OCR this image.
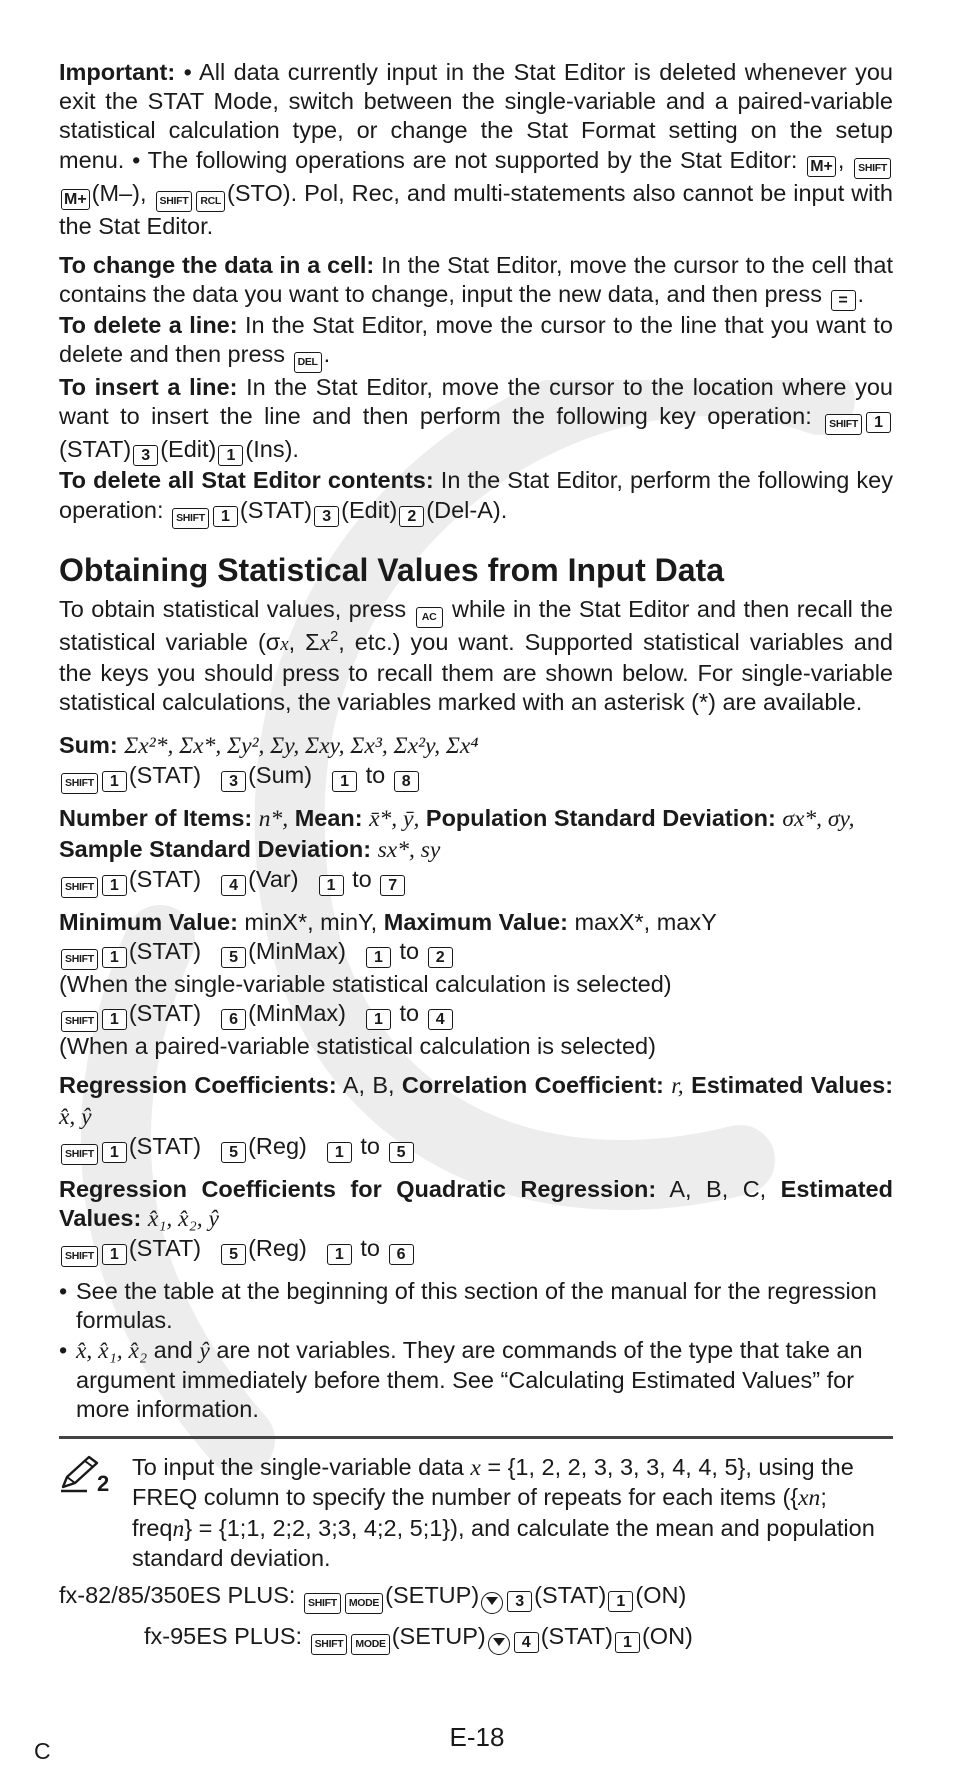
Important: • All data currently input in the Stat Editor is deleted whenever you exit the STAT Mode, switch between the single-variable and a paired-variable statistical calculation type, or change the Stat Format setting on the setup menu. • The following operations are not supported by the Stat Editor: M+ , SHIFTM+ (M–), SHIFT RCL (STO). Pol, Rec, and multi-statements also cannot be input with the Stat Editor.

To change the data in a cell: In the Stat Editor, move the cursor to the cell that contains the data you want to change, input the new data, and then press = .

To delete a line: In the Stat Editor, move the cursor to the line that you want to delete and then press DEL .

To insert a line: In the Stat Editor, move the cursor to the location where you want to insert the line and then perform the following key operation: SHIFT 1(STAT) 3 (Edit) 1 (Ins).

To delete all Stat Editor contents: In the Stat Editor, perform the following key operation: SHIFT 1 (STAT) 3 (Edit) 2 (Del-A).

Obtaining Statistical Values from Input Data

To obtain statistical values, press AC while in the Stat Editor and then recall the statistical variable (σx, $\Sigma x^2$, etc.) you want. Supported statistical variables and the keys you should press to recall them are shown below. For single-variable statistical calculations, the variables marked with an asterisk (*) are available.

Sum: Σx²*, Σx*, Σy², Σy, Σxy, Σx³, Σx²y, Σx⁴

SHIFT 1 (STAT) 3 (Sum) 1 to 8

Number of Items: n*, Mean: x̄*, ȳ, Population Standard Deviation: σx*, σy, Sample Standard Deviation: sx*, sy

SHIFT 1 (STAT) 4 (Var) 1 to 7

Minimum Value: minX*, minY, Maximum Value: maxX*, maxY

SHIFT 1 (STAT) 5 (MinMax) 1 to 2

(When the single-variable statistical calculation is selected)

SHIFT 1 (STAT) 6 (MinMax) 1 to 4

(When a paired-variable statistical calculation is selected)

Regression Coefficients: A, B, Correlation Coefficient: r, Estimated Values: x̂, ŷ

SHIFT 1 (STAT) 5 (Reg) 1 to 5

Regression Coefficients for Quadratic Regression: A, B, C, Estimated Values: x̂₁, x̂₂, ŷ

SHIFT 1 (STAT) 5 (Reg) 1 to 6

• See the table at the beginning of this section of the manual for the regression formulas.

• x̂, x̂₁, x̂₂ and ŷ are not variables. They are commands of the type that take an argument immediately before them. See “Calculating Estimated Values” for more information.

2

To input the single-variable data x = {1, 2, 2, 3, 3, 3, 4, 4, 5}, using the FREQ column to specify the number of repeats for each items ({xn; freqn} = {1;1, 2;2, 3;3, 4;2, 5;1}), and calculate the mean and population standard deviation.

fx-82/85/350ES PLUS: SHIFT MODE (SETUP) 3 (STAT) 1 (ON)

fx-95ES PLUS: SHIFT MODE (SETUP) 4 (STAT) 1 (ON)

E-18
C
